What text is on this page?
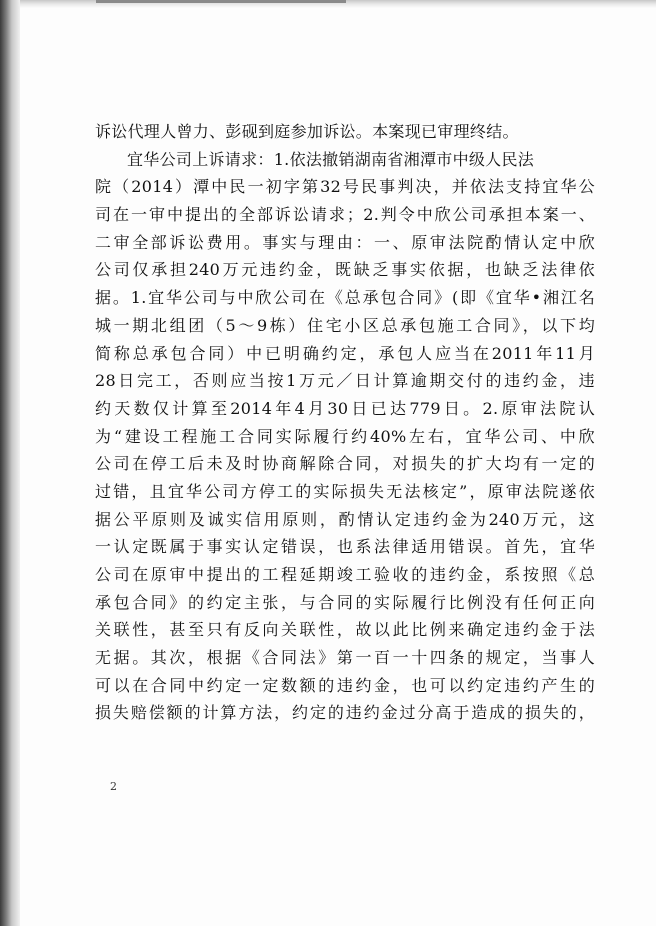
诉讼代理人曾力、彭砚到庭参加诉讼。本案现已审理终结。
宜华公司上诉请求：1.依法撤销湖南省湘潭市中级人民法
院（2014）潭中民一初字第32号民事判决，并依法支持宜华公
司在一审中提出的全部诉讼请求；2.判令中欣公司承担本案一、
二审全部诉讼费用。事实与理由：一、原审法院酌情认定中欣
公司仅承担240万元违约金，既缺乏事实依据，也缺乏法律依
据。1.宜华公司与中欣公司在《总承包合同》(即《宜华•湘江名
城一期北组团（5～9栋）住宅小区总承包施工合同》，以下均
简称总承包合同）中已明确约定，承包人应当在2011年11月
28日完工，否则应当按1万元／日计算逾期交付的违约金，违
约天数仅计算至2014年4月30日已达779日。2.原审法院认
为“建设工程施工合同实际履行约40%左右，宜华公司、中欣
公司在停工后未及时协商解除合同，对损失的扩大均有一定的
过错，且宜华公司方停工的实际损失无法核定”，原审法院遂依
据公平原则及诚实信用原则，酌情认定违约金为240万元，这
一认定既属于事实认定错误，也系法律适用错误。首先，宜华
公司在原审中提出的工程延期竣工验收的违约金，系按照《总
承包合同》的约定主张，与合同的实际履行比例没有任何正向
关联性，甚至只有反向关联性，故以此比例来确定违约金于法
无据。其次，根据《合同法》第一百一十四条的规定，当事人
可以在合同中约定一定数额的违约金，也可以约定违约产生的
损失赔偿额的计算方法，约定的违约金过分高于造成的损失的，
2
